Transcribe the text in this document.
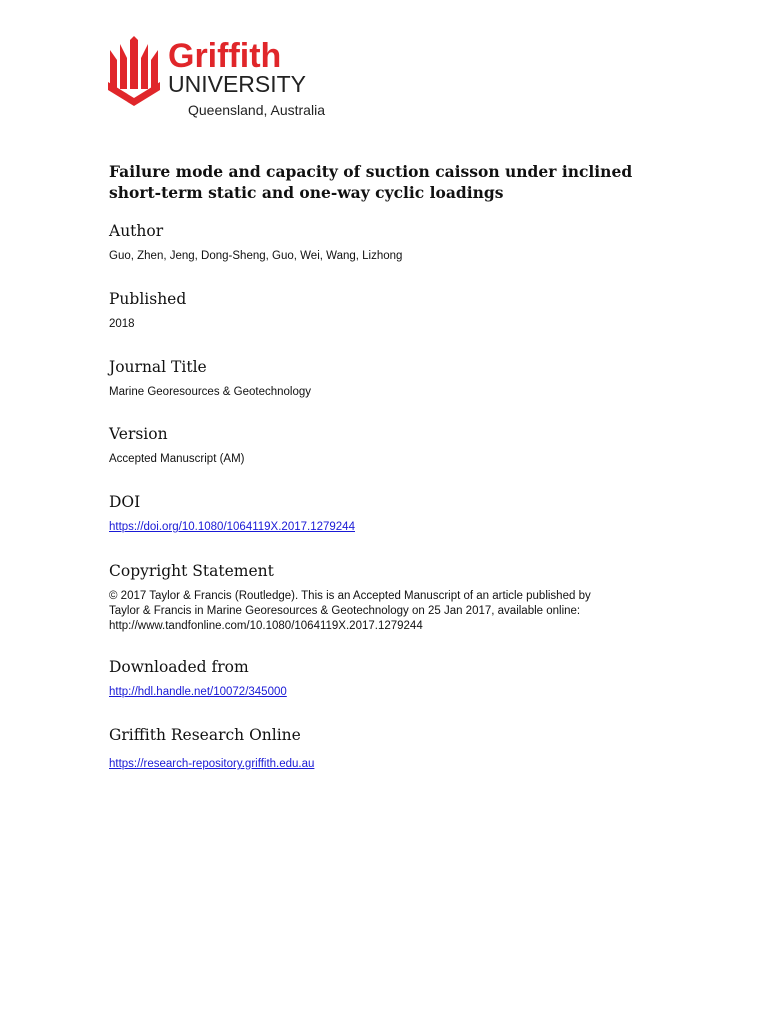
Griffith
UNIVERSITY
Queensland, Australia
Failure mode and capacity of suction caisson under inclined
short-term static and one-way cyclic loadings
Author
Guo, Zhen, Jeng, Dong-Sheng, Guo, Wei, Wang, Lizhong
Published
2018
Journal Title
Marine Georesources & Geotechnology
Version
Accepted Manuscript (AM)
DOI
https://doi.org/10.1080/1064119X.2017.1279244
Copyright Statement
© 2017 Taylor & Francis (Routledge). This is an Accepted Manuscript of an article published by
Taylor & Francis in Marine Georesources & Geotechnology on 25 Jan 2017, available online:
http://www.tandfonline.com/10.1080/1064119X.2017.1279244
Downloaded from
http://hdl.handle.net/10072/345000
Griffith Research Online
https://research-repository.griffith.edu.au
